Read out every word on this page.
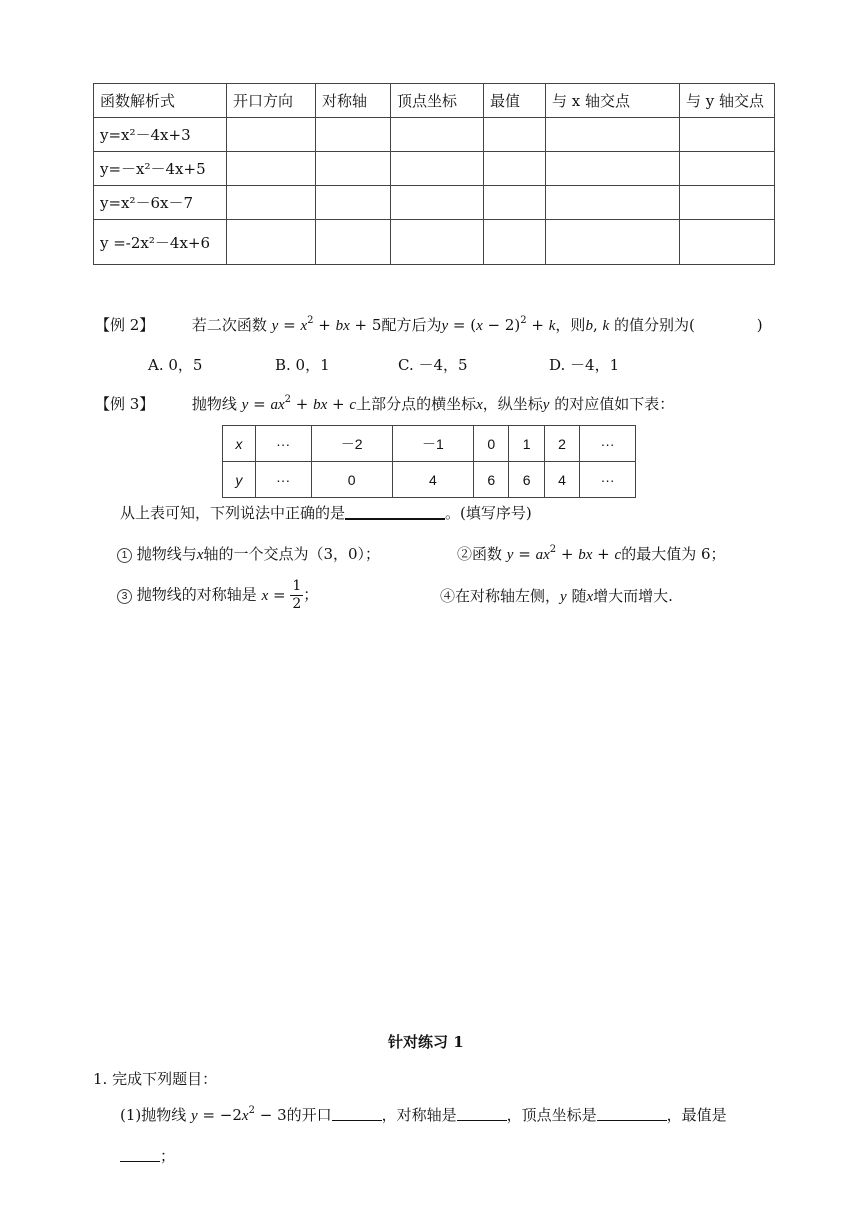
函数解析式	开口方向	对称轴	顶点坐标	最值	与 x 轴交点	与 y 轴交点
y=x²－4x+3						
y=－x²－4x+5						
y=x²－6x－7						
y =-2x²－4x+6						
【例 2】	若二次函数 $y = x^2$ + bx + 5配方后为$y = (x - 2)^2 + k$，则b, k 的值分别为(	)
A. 0，5	B. 0，1	C. －4，5	D. －4，1
【例 3】	抛物线 $y = ax^2$ + bx + c上部分点的横坐标x，纵坐标y 的对应值如下表：
x	···	－2	－1	0	1	2	···
y	···	0	4	6	6	4	···
从上表可知，下列说法中正确的是	。(填写序号)
1 抛物线与x轴的一个交点为（3，0）；	②函数 $y = ax^2$ + bx + c的最大值为 6；
3 抛物线的对称轴是 $x = \frac{1}{2}$ ；	④在对称轴左侧，y 随x增大而增大.
针对练习 1
1. 完成下列题目：
(1)抛物线 $y = -2x^2 - 3$的开口	，对称轴是	，顶点坐标是	，最值是
；
